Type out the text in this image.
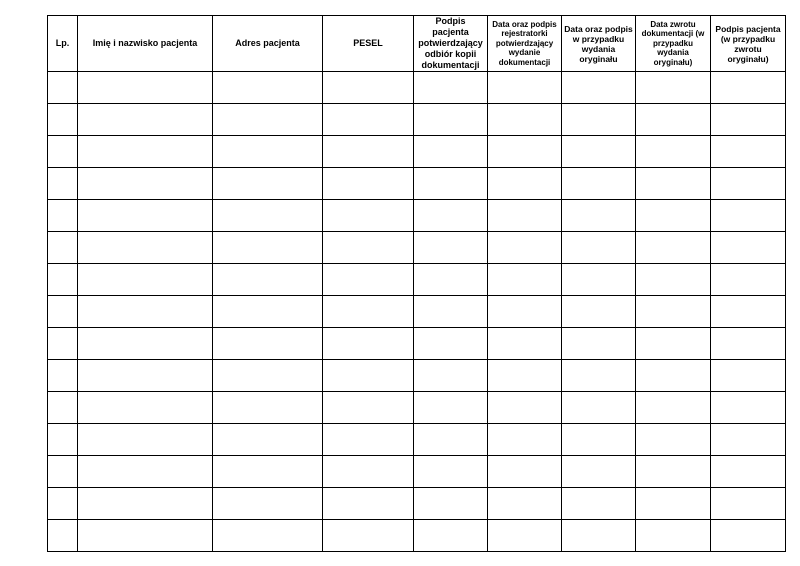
Lp.	Imię i nazwisko pacjenta	Adres pacjenta	PESEL	Podpis pacjenta potwierdzający odbiór kopii dokumentacji	Data oraz podpis rejestratorki potwierdzający wydanie dokumentacji	Data oraz podpis w przypadku wydania oryginału	Data zwrotu dokumentacji (w przypadku wydania oryginału)	Podpis pacjenta (w przypadku zwrotu oryginału)
